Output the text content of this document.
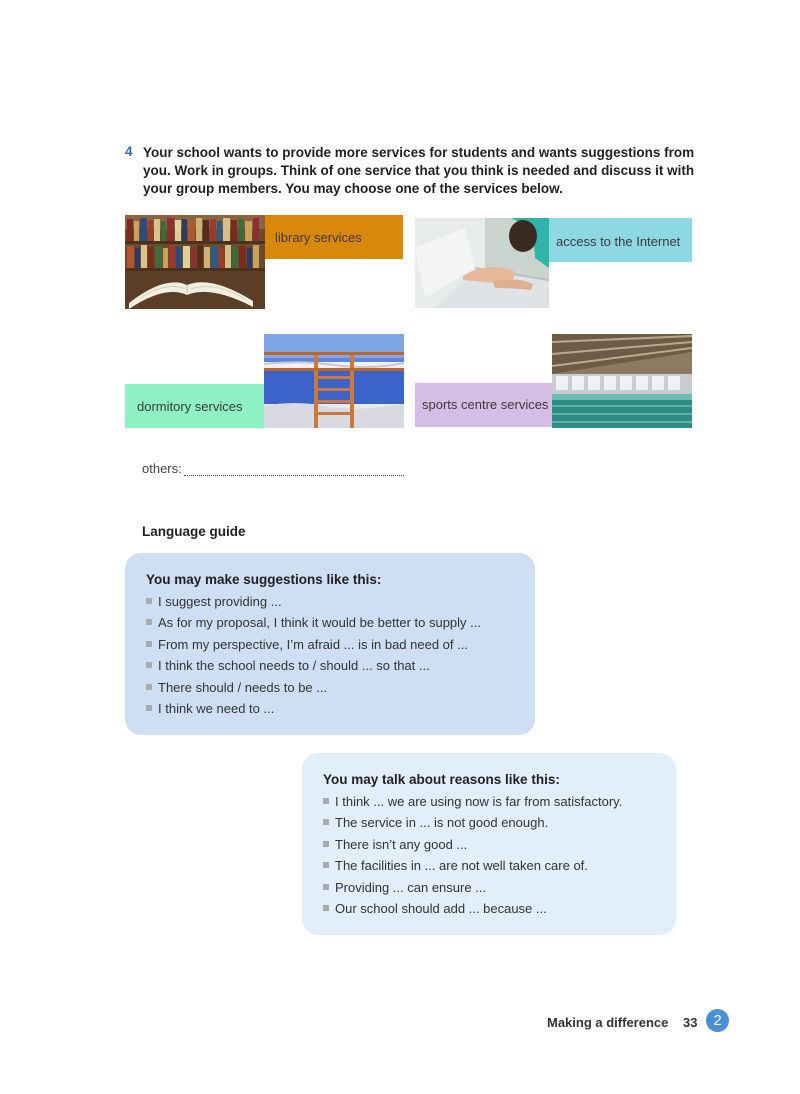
4 Your school wants to provide more services for students and wants suggestions from you. Work in groups. Think of one service that you think is needed and discuss it with your group members. You may choose one of the services below.
library services	access to the Internet
dormitory services	sports centre services
others:
Language guide
You may make suggestions like this:
I suggest providing ...
As for my proposal, I think it would be better to supply ...
From my perspective, I’m afraid ... is in bad need of ...
I think the school needs to / should ... so that ...
There should / needs to be ...
I think we need to ...
You may talk about reasons like this:
I think ... we are using now is far from satisfactory.
The service in ... is not good enough.
There isn’t any good ...
The facilities in ... are not well taken care of.
Providing ... can ensure ...
Our school should add ... because ...
Making a difference 33	2
